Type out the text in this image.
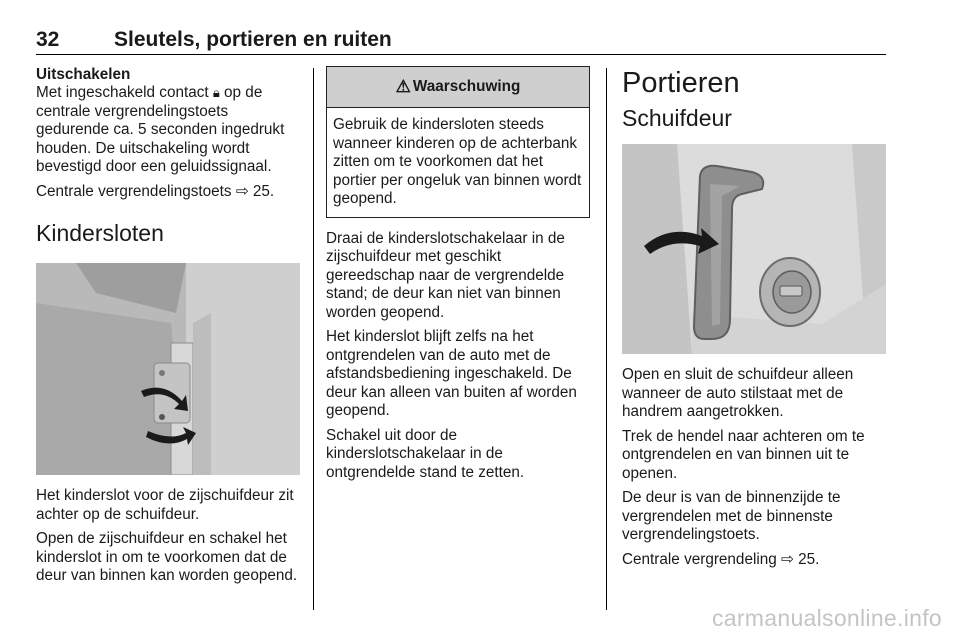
32	Sleutels, portieren en ruiten
Uitschakelen

Met ingeschakeld contact 🔒︎ op de centrale vergrendelingstoets gedurende ca. 5 seconden ingedrukt houden. De uitschakeling wordt bevestigd door een geluidssignaal.

Centrale vergrendelingstoets ⇨ 25.

Kindersloten

Het kinderslot voor de zijschuifdeur zit achter op de schuifdeur.

Open de zijschuifdeur en schakel het kinderslot in om te voorkomen dat de deur van binnen kan worden geopend.

⚠︎ Waarschuwing
Gebruik de kindersloten steeds wanneer kinderen op de achterbank zitten om te voorkomen dat het portier per ongeluk van binnen wordt geopend.

Draai de kinderslotschakelaar in de zijschuifdeur met geschikt gereedschap naar de vergrendelde stand; de deur kan niet van binnen worden geopend.

Het kinderslot blijft zelfs na het ontgrendelen van de auto met de afstandsbediening ingeschakeld. De deur kan alleen van buiten af worden geopend.

Schakel uit door de kinderslotschakelaar in de ontgrendelde stand te zetten.

Portieren
Schuifdeur

Open en sluit de schuifdeur alleen wanneer de auto stilstaat met de handrem aangetrokken.

Trek de hendel naar achteren om te ontgrendelen en van binnen uit te openen.

De deur is van de binnenzijde te vergrendelen met de binnenste vergrendelingstoets.

Centrale vergrendeling ⇨ 25.

carmanualsonline.info
